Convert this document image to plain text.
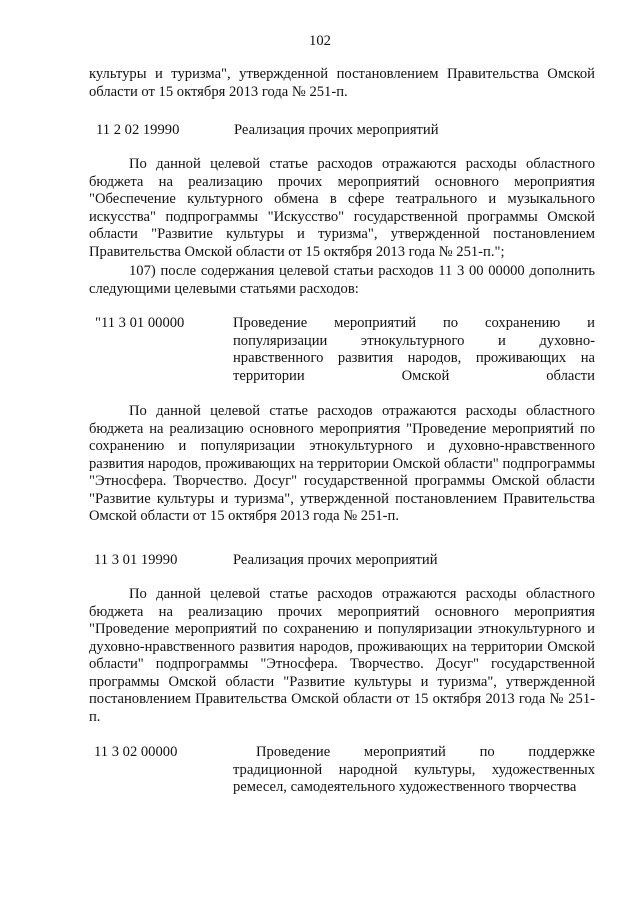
102
культуры и туризма", утвержденной постановлением Правительства Омской области от 15 октября 2013 года № 251-п.
11 2 02 19990	Реализация прочих мероприятий
По данной целевой статье расходов отражаются расходы областного бюджета на реализацию прочих мероприятий основного мероприятия "Обеспечение культурного обмена в сфере театрального и музыкального искусства" подпрограммы "Искусство" государственной программы Омской области "Развитие культуры и туризма", утвержденной постановлением Правительства Омской области от 15 октября 2013 года № 251-п.";
107) после содержания целевой статьи расходов 11 3 00 00000 дополнить следующими целевыми статьями расходов:
"11 3 01 00000	Проведение мероприятий по сохранению и популяризации этнокультурного и духовно-нравственного развития народов, проживающих на территории Омской области
По данной целевой статье расходов отражаются расходы областного бюджета на реализацию основного мероприятия "Проведение мероприятий по сохранению и популяризации этнокультурного и духовно-нравственного развития народов, проживающих на территории Омской области" подпрограммы "Этносфера. Творчество. Досуг" государственной программы Омской области "Развитие культуры и туризма", утвержденной постановлением Правительства Омской области от 15 октября 2013 года № 251-п.
11 3 01 19990	Реализация прочих мероприятий
По данной целевой статье расходов отражаются расходы областного бюджета на реализацию прочих мероприятий основного мероприятия "Проведение мероприятий по сохранению и популяризации этнокультурного и духовно-нравственного развития народов, проживающих на территории Омской области" подпрограммы "Этносфера. Творчество. Досуг" государственной программы Омской области "Развитие культуры и туризма", утвержденной постановлением Правительства Омской области от 15 октября 2013 года № 251-п.
11 3 02 00000	Проведение мероприятий по поддержке традиционной народной культуры, художественных ремесел, самодеятельного художественного творчества
